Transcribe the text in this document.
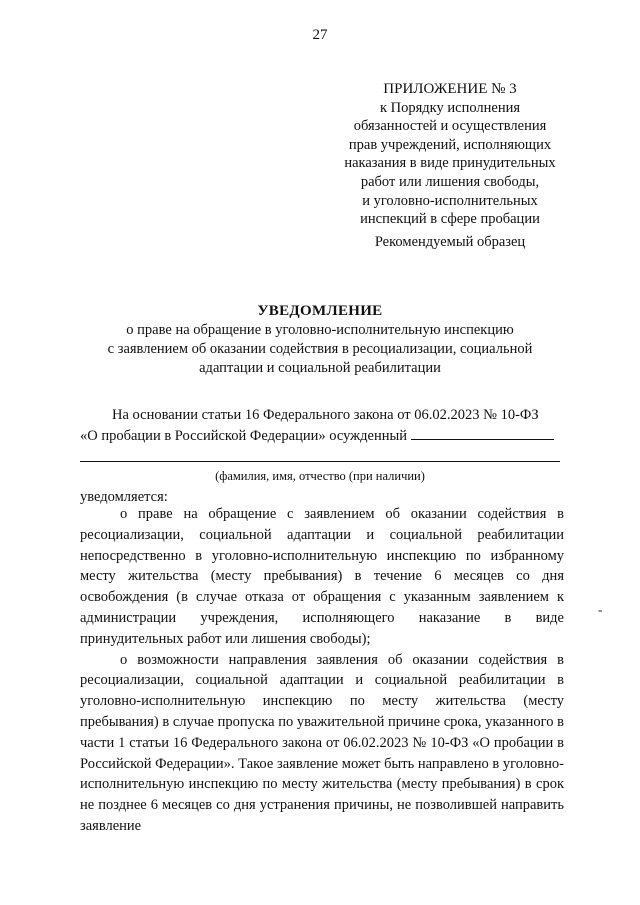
27
ПРИЛОЖЕНИЕ № 3
к Порядку исполнения
обязанностей и осуществления
прав учреждений, исполняющих
наказания в виде принудительных
работ или лишения свободы,
и уголовно-исполнительных
инспекций в сфере пробации
Рекомендуемый образец
УВЕДОМЛЕНИЕ
о праве на обращение в уголовно-исполнительную инспекцию
с заявлением об оказании содействия в ресоциализации, социальной
адаптации и социальной реабилитации
На основании статьи 16 Федерального закона от 06.02.2023 № 10-ФЗ
«О пробации в Российской Федерации» осужденный
(фамилия, имя, отчество (при наличии)
уведомляется:

о праве на обращение с заявлением об оказании содействия в ресоциализации, социальной адаптации и социальной реабилитации непосредственно в уголовно-исполнительную инспекцию по избранному месту жительства (месту пребывания) в течение 6 месяцев со дня освобождения (в случае отказа от обращения с указанным заявлением к администрации учреждения, исполняющего наказание в виде принудительных работ или лишения свободы);

о возможности направления заявления об оказании содействия в ресоциализации, социальной адаптации и социальной реабилитации в уголовно-исполнительную инспекцию по месту жительства (месту пребывания) в случае пропуска по уважительной причине срока, указанного в части 1 статьи 16 Федерального закона от 06.02.2023 № 10-ФЗ «О пробации в Российской Федерации». Такое заявление может быть направлено в уголовно-исполнительную инспекцию по месту жительства (месту пребывания) в срок не позднее 6 месяцев со дня устранения причины, не позволившей направить заявление

-
